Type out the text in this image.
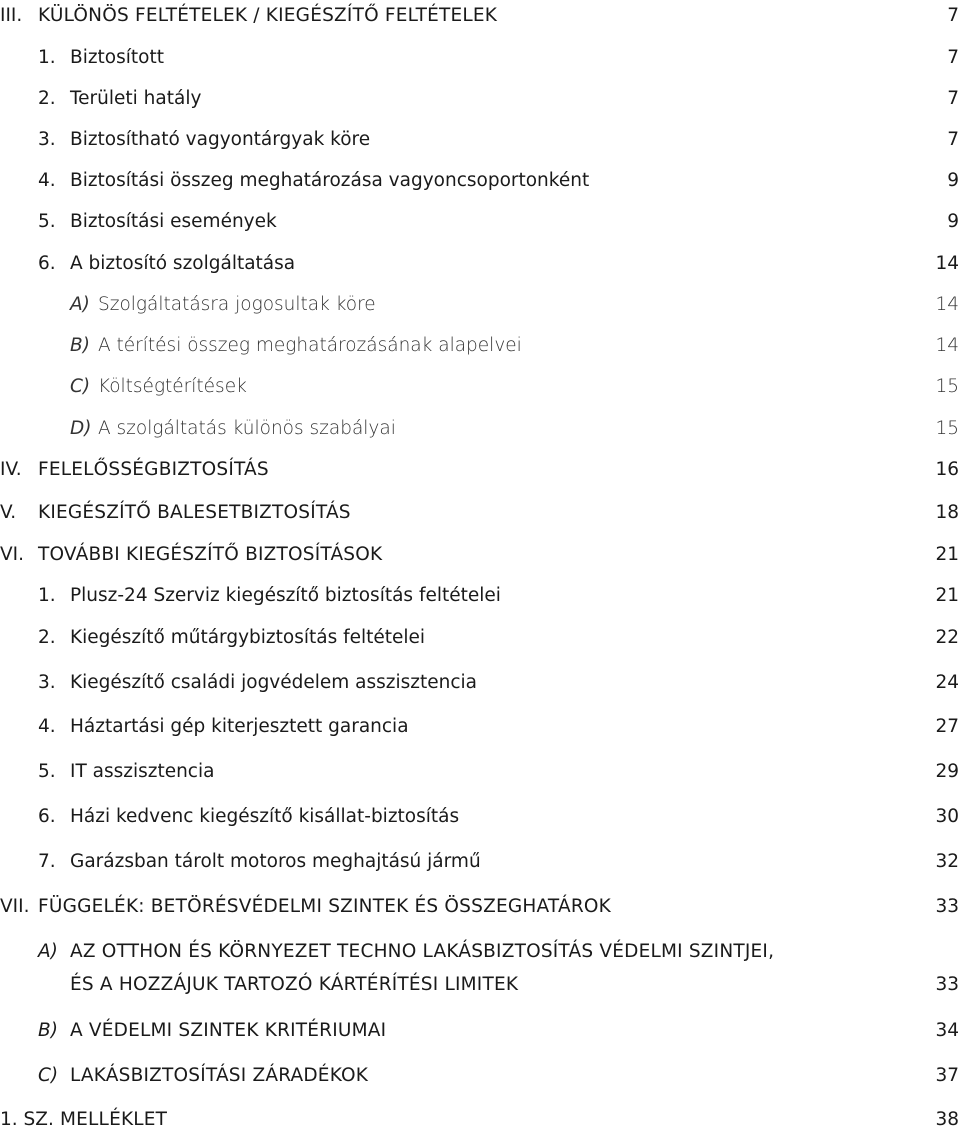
III. KÜLÖNÖS FELTÉTELEK / KIEGÉSZÍTŐ FELTÉTELEK	7
1. Biztosított	7
2. Területi hatály	7
3. Biztosítható vagyontárgyak köre	7
4. Biztosítási összeg meghatározása vagyoncsoportonként	9
5. Biztosítási események	9
6. A biztosító szolgáltatása	14
A) Szolgáltatásra jogosultak köre	14
B) A térítési összeg meghatározásának alapelvei	14
C) Költségtérítések	15
D) A szolgáltatás különös szabályai	15
IV. FELELŐSSÉGBIZTOSÍTÁS	16
V. KIEGÉSZÍTŐ BALESETBIZTOSÍTÁS	18
VI. TOVÁBBI KIEGÉSZÍTŐ BIZTOSÍTÁSOK	21
1. Plusz-24 Szerviz kiegészítő biztosítás feltételei	21
2. Kiegészítő műtárgybiztosítás feltételei	22
3. Kiegészítő családi jogvédelem asszisztencia	24
4. Háztartási gép kiterjesztett garancia	27
5. IT asszisztencia	29
6. Házi kedvenc kiegészítő kisállat-biztosítás	30
7. Garázsban tárolt motoros meghajtású jármű	32
VII. FÜGGELÉK: BETÖRÉSVÉDELMI SZINTEK ÉS ÖSSZEGHATÁROK	33
A) AZ OTTHON ÉS KÖRNYEZET TECHNO LAKÁSBIZTOSÍTÁS VÉDELMI SZINTJEI,
ÉS A HOZZÁJUK TARTOZÓ KÁRTÉRÍTÉSI LIMITEK	33
B) A VÉDELMI SZINTEK KRITÉRIUMAI	34
C) LAKÁSBIZTOSÍTÁSI ZÁRADÉKOK	37
1. SZ. MELLÉKLET	38
